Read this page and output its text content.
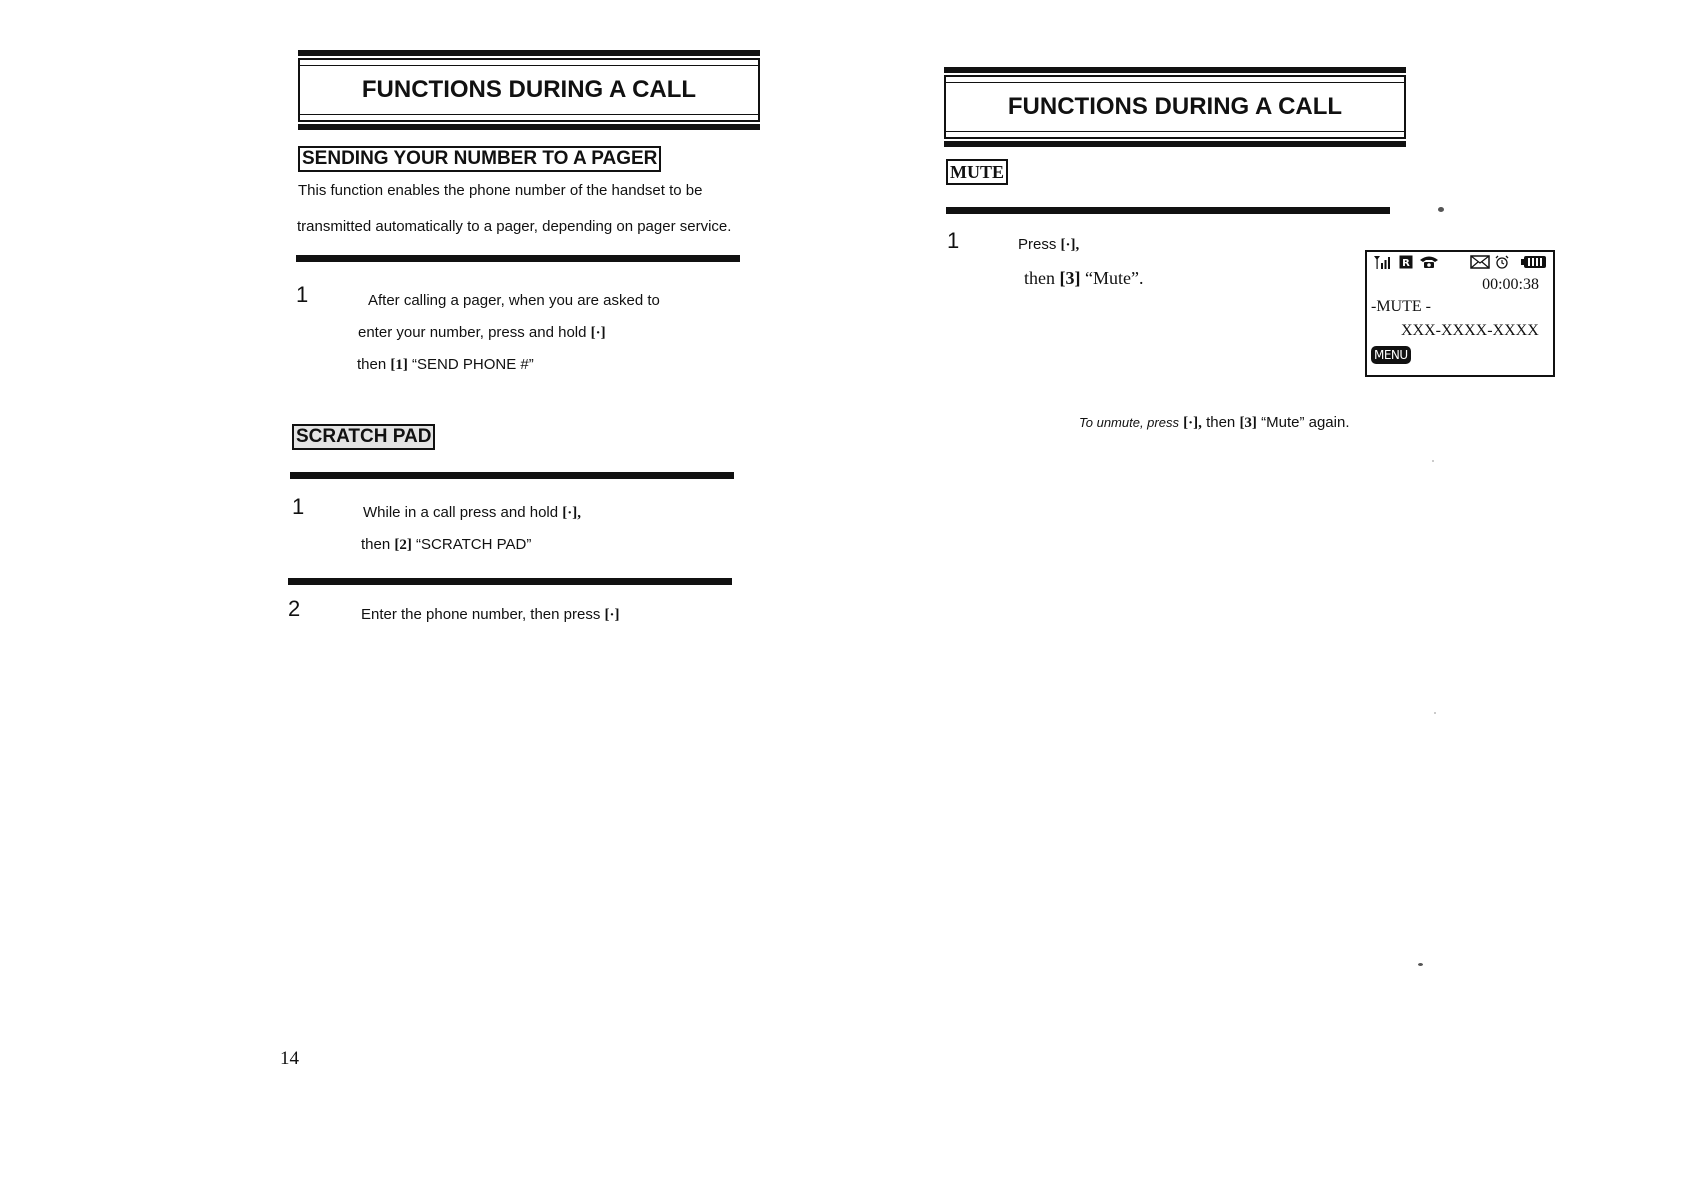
FUNCTIONS DURING A CALL
SENDING YOUR NUMBER TO A PAGER
This function enables the phone number of the handset to be
transmitted automatically to a pager, depending on pager service.
1	After calling a pager, when you are asked to
enter your number, press and hold [·]
then [1] “SEND PHONE #”
SCRATCH PAD
1	While in a call press and hold [·],
then [2] “SCRATCH PAD”
2	Enter the phone number, then press [·]
14
FUNCTIONS DURING A CALL
MUTE
1	Press [·],
then [3] “Mute”.
R
00:00:38
-MUTE -
XXX-XXXX-XXXX
MENU
To unmute, press [·], then [3] “Mute” again.
